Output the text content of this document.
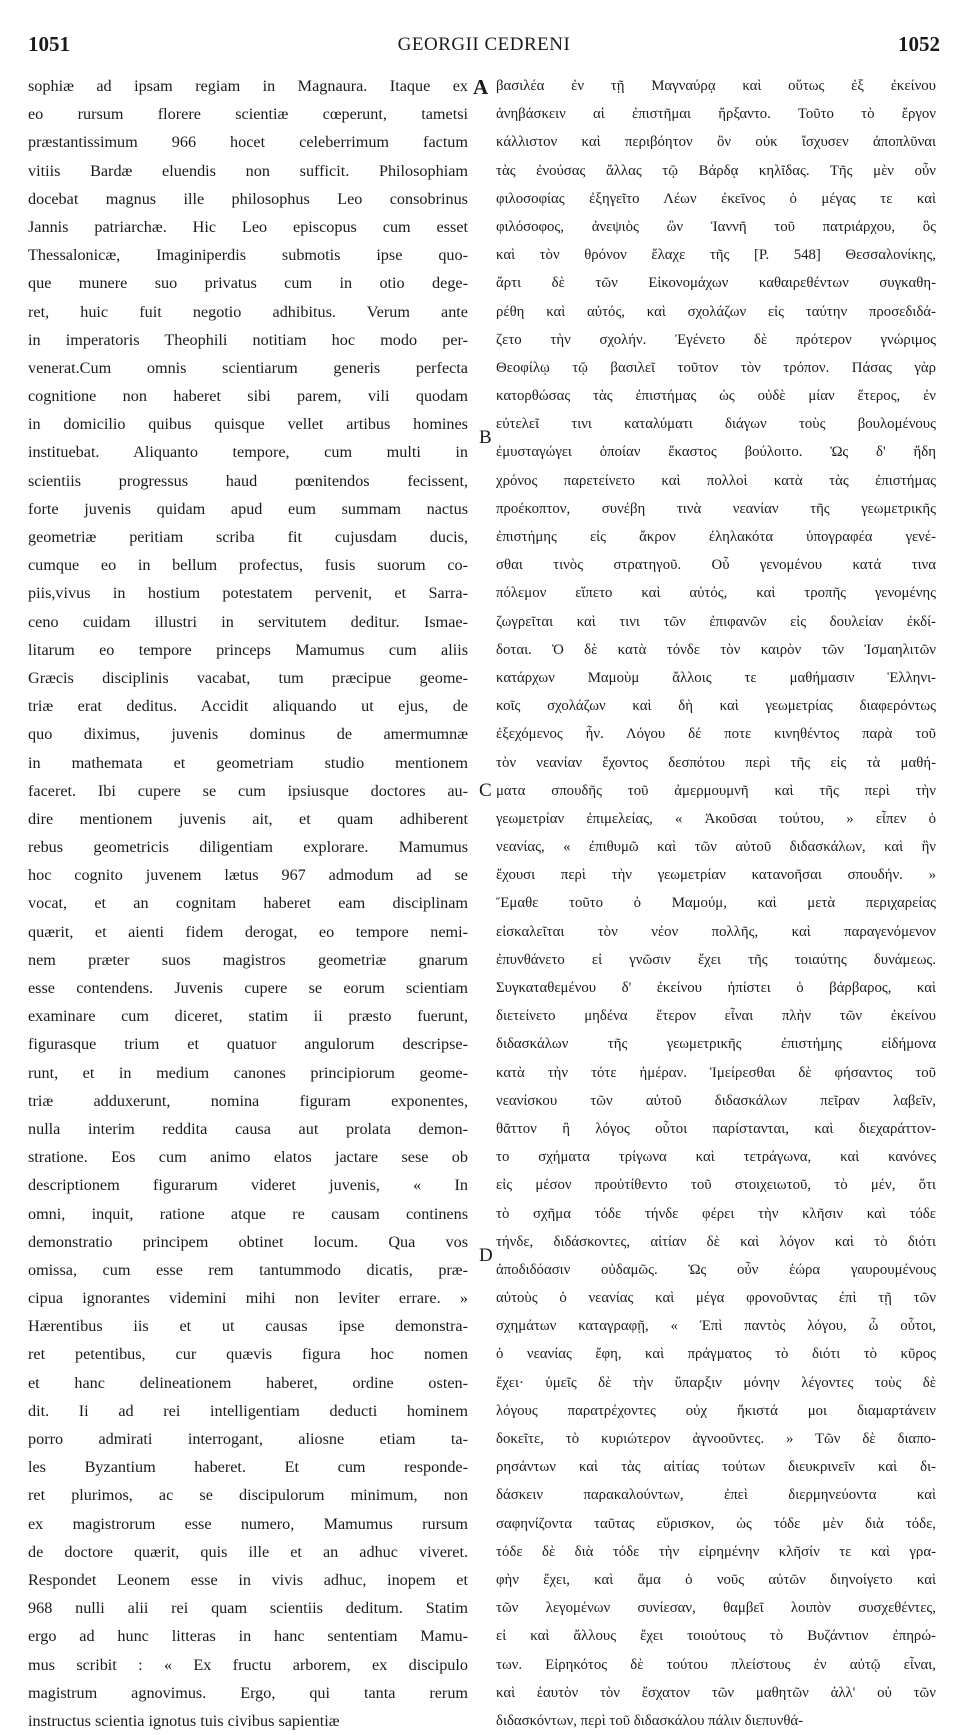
1051	GEORGII CEDRENI	1052
sophiæ ad ipsam regiam in Magnaura. Itaque ex
eo rursum florere scientiæ cœperunt, tametsi
præstantissimum 966 hocet celeberrimum factum
vitiis Bardæ eluendis non sufficit. Philosophiam
docebat magnus ille philosophus Leo consobrinus
Jannis patriarchæ. Hic Leo episcopus cum esset
Thessalonicæ, Imaginiperdis submotis ipse quo-
que munere suo privatus cum in otio dege-
ret, huic fuit negotio adhibitus. Verum ante
in imperatoris Theophili notitiam hoc modo per-
venerat.Cum omnis scientiarum generis perfecta
cognitione non haberet sibi parem, vili quodam
in domicilio quibus quisque vellet artibus homines
instituebat. Aliquanto tempore, cum multi in
scientiis progressus haud pœnitendos fecissent,
forte juvenis quidam apud eum summam nactus
geometriæ peritiam scriba fit cujusdam ducis,
cumque eo in bellum profectus, fusis suorum co-
piis,vivus in hostium potestatem pervenit, et Sarra-
ceno cuidam illustri in servitutem deditur. Ismae-
litarum eo tempore princeps Mamumus cum aliis
Græcis disciplinis vacabat, tum præcipue geome-
triæ erat deditus. Accidit aliquando ut ejus, de
quo diximus, juvenis dominus de amermumnæ
in mathemata et geometriam studio mentionem
faceret. Ibi cupere se cum ipsiusque doctores au-
dire mentionem juvenis ait, et quam adhiberent
rebus geometricis diligentiam explorare. Mamumus
hoc cognito juvenem lætus 967 admodum ad se
vocat, et an cognitam haberet eam disciplinam
quærit, et aienti fidem derogat, eo tempore nemi-
nem præter suos magistros geometriæ gnarum
esse contendens. Juvenis cupere se eorum scientiam
examinare cum diceret, statim ii præsto fuerunt,
figurasque trium et quatuor angulorum descripse-
runt, et in medium canones principiorum geome-
triæ adduxerunt, nomina figuram exponentes,
nulla interim reddita causa aut prolata demon-
stratione. Eos cum animo elatos jactare sese ob
descriptionem figurarum videret juvenis, « In
omni, inquit, ratione atque re causam continens
demonstratio principem obtinet locum. Qua vos
omissa, cum esse rem tantummodo dicatis, præ-
cipua ignorantes videmini mihi non leviter errare. »
Hærentibus iis et ut causas ipse demonstra-
ret petentibus, cur quævis figura hoc nomen
et hanc delineationem haberet, ordine osten-
dit. Ii ad rei intelligentiam deducti hominem
porro admirati interrogant, aliosne etiam ta-
les Byzantium haberet. Et cum responde-
ret plurimos, ac se discipulorum minimum, non
ex magistrorum esse numero, Mamumus rursum
de doctore quærit, quis ille et an adhuc viveret.
Respondet Leonem esse in vivis adhuc, inopem et
968 nulli alii rei quam scientiis deditum. Statim
ergo ad hunc litteras in hanc sententiam Mamu-
mus scribit : « Ex fructu arborem, ex discipulo
magistrum agnovimus. Ergo, qui tanta rerum
instructus scientia ignotus tuis civibus sapientiæ
βασιλέα ἐν τῇ Μαγναύρᾳ καὶ οὕτως ἐξ ἐκείνου
ἀνηβάσκειν αἱ ἐπιστῆμαι ἤρξαντο. Τοῦτο τὸ ἔργον
κάλλιστον καὶ περιβόητον ὂν οὐκ ἴσχυσεν ἀποπλῦναι
τὰς ἐνούσας ἄλλας τῷ Βάρδᾳ κηλῖδας. Τῆς μὲν οὖν
φιλοσοφίας ἐξηγεῖτο Λέων ἐκεῖνος ὁ μέγας τε καὶ
φιλόσοφος, ἀνεψιὸς ὢν Ἰαννῆ τοῦ πατριάρχου, ὃς
καὶ τὸν θρόνον ἔλαχε τῆς [P. 548] Θεσσαλονίκης,
ἄρτι δὲ τῶν Εἰκονομάχων καθαιρεθέντων συγκαθη-
ρέθη καὶ αὐτός, καὶ σχολάζων εἰς ταύτην προσεδιδά-
ζετο τὴν σχολήν. Ἐγένετο δὲ πρότερον γνώριμος
Θεοφίλῳ τῷ βασιλεῖ τοῦτον τὸν τρόπον. Πάσας γὰρ
κατορθώσας τὰς ἐπιστήμας ὡς οὐδὲ μίαν ἕτερος, ἐν
εὐτελεῖ τινι καταλύματι διάγων τοὺς βουλομένους
ἐμυσταγώγει ὁποίαν ἕκαστος βούλοιτο. Ὡς δ' ἤδη
χρόνος παρετείνετο καὶ πολλοὶ κατὰ τὰς ἐπιστήμας
προέκοπτον, συνέβη τινὰ νεανίαν τῆς γεωμετρικῆς
ἐπιστήμης εἰς ἄκρον ἐληλακότα ὑπογραφέα γενέ-
σθαι τινὸς στρατηγοῦ. Οὗ γενομένου κατά τινα
πόλεμον εἵπετο καὶ αὐτός, καὶ τροπῆς γενομένης
ζωγρεῖται καὶ τινι τῶν ἐπιφανῶν εἰς δουλείαν ἐκδί-
δοται. Ὁ δὲ κατὰ τόνδε τὸν καιρὸν τῶν Ἰσμαηλιτῶν
κατάρχων Μαμοὺμ ἄλλοις τε μαθήμασιν Ἑλληνι-
κοῖς σχολάζων καὶ δὴ καὶ γεωμετρίας διαφερόντως
ἐξεχόμενος ἦν. Λόγου δέ ποτε κινηθέντος παρὰ τοῦ
τὸν νεανίαν ἔχοντος δεσπότου περὶ τῆς εἰς τὰ μαθή-
ματα σπουδῆς τοῦ ἀμερμουμνῆ καὶ τῆς περὶ τὴν
γεωμετρίαν ἐπιμελείας, « Ἀκοῦσαι τούτου, » εἶπεν ὁ
νεανίας, « ἐπιθυμῶ καὶ τῶν αὐτοῦ διδασκάλων, καὶ ἣν
ἔχουσι περὶ τὴν γεωμετρίαν κατανοῆσαι σπουδήν. »
Ἔμαθε τοῦτο ὁ Μαμούμ, καὶ μετὰ περιχαρείας
εἰσκαλεῖται τὸν νέον πολλῆς, καὶ παραγενόμενον
ἐπυνθάνετο εἰ γνῶσιν ἔχει τῆς τοιαύτης δυνάμεως.
Συγκαταθεμένου δ' ἐκείνου ἠπίστει ὁ βάρβαρος, καὶ
διετείνετο μηδένα ἕτερον εἶναι πλὴν τῶν ἐκείνου
διδασκάλων τῆς γεωμετρικῆς ἐπιστήμης εἰδήμονα
κατὰ τὴν τότε ἡμέραν. Ἱμείρεσθαι δὲ φήσαντος τοῦ
νεανίσκου τῶν αὐτοῦ διδασκάλων πεῖραν λαβεῖν,
θᾶττον ἢ λόγος οὗτοι παρίστανται, καὶ διεχαράττον-
το σχήματα τρίγωνα καὶ τετράγωνα, καὶ κανόνες
εἰς μέσον προὐτίθεντο τοῦ στοιχειωτοῦ, τὸ μέν, ὅτι
τὸ σχῆμα τόδε τήνδε φέρει τὴν κλῆσιν καὶ τόδε
τήνδε, διδάσκοντες, αἰτίαν δὲ καὶ λόγον καὶ τὸ διότι
ἀποδιδόασιν οὐδαμῶς. Ὡς οὖν ἑώρα γαυρουμένους
αὐτοὺς ὁ νεανίας καὶ μέγα φρονοῦντας ἐπὶ τῇ τῶν
σχημάτων καταγραφῇ, « Ἐπὶ παντὸς λόγου, ὦ οὗτοι,
ὁ νεανίας ἔφη, καὶ πράγματος τὸ διότι τὸ κῦρος
ἔχει· ὑμεῖς δὲ τὴν ὕπαρξιν μόνην λέγοντες τοὺς δὲ
λόγους παρατρέχοντες οὐχ ἥκιστά μοι διαμαρτάνειν
δοκεῖτε, τὸ κυριώτερον ἀγνοοῦντες. » Τῶν δὲ διαπο-
ρησάντων καὶ τὰς αἰτίας τούτων διευκρινεῖν καὶ δι-
δάσκειν παρακαλούντων, ἐπεὶ διερμηνεύοντα καὶ
σαφηνίζοντα ταῦτας εὕρισκον, ὡς τόδε μὲν διὰ τόδε,
τόδε δὲ διὰ τόδε τὴν εἰρημένην κλῆσίν τε καὶ γρα-
φὴν ἔχει, καὶ ἅμα ὁ νοῦς αὐτῶν διηνοίγετο καὶ
τῶν λεγομένων συνίεσαν, θαμβεῖ λοιπὸν συσχεθέντες,
εἰ καὶ ἄλλους ἔχει τοιούτους τὸ Βυζάντιον ἐπηρώ-
των. Εἰρηκότος δὲ τούτου πλείστους ἐν αὐτῷ εἶναι,
καὶ ἑαυτὸν τὸν ἔσχατον τῶν μαθητῶν ἀλλ' οὐ τῶν
διδασκόντων, περὶ τοῦ διδασκάλου πάλιν διεπυνθά-
A
B
C
D
